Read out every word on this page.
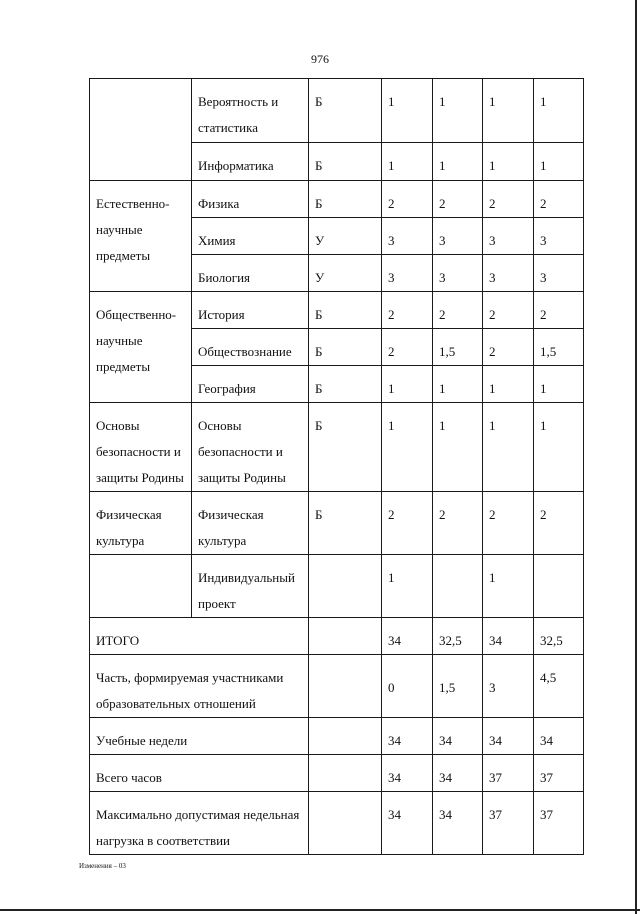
976
	Вероятность и статистика	Б	1	1	1	1
	Информатика	Б	1	1	1	1
Естественно-научные предметы	Физика	Б	2	2	2	2
	Химия	У	3	3	3	3
	Биология	У	3	3	3	3
Общественно-научные предметы	История	Б	2	2	2	2
	Обществознание	Б	2	1,5	2	1,5
	География	Б	1	1	1	1
Основы безопасности и защиты Родины	Основы безопасности и защиты Родины	Б	1	1	1	1
Физическая культура	Физическая культура	Б	2	2	2	2
	Индивидуальный проект		1		1	
ИТОГО			34	32,5	34	32,5
Часть, формируемая участниками образовательных отношений			0	1,5	3	4,5
Учебные недели			34	34	34	34
Всего часов			34	34	37	37
Максимально допустимая недельная нагрузка в соответствии			34	34	37	37
Изменения – 03
